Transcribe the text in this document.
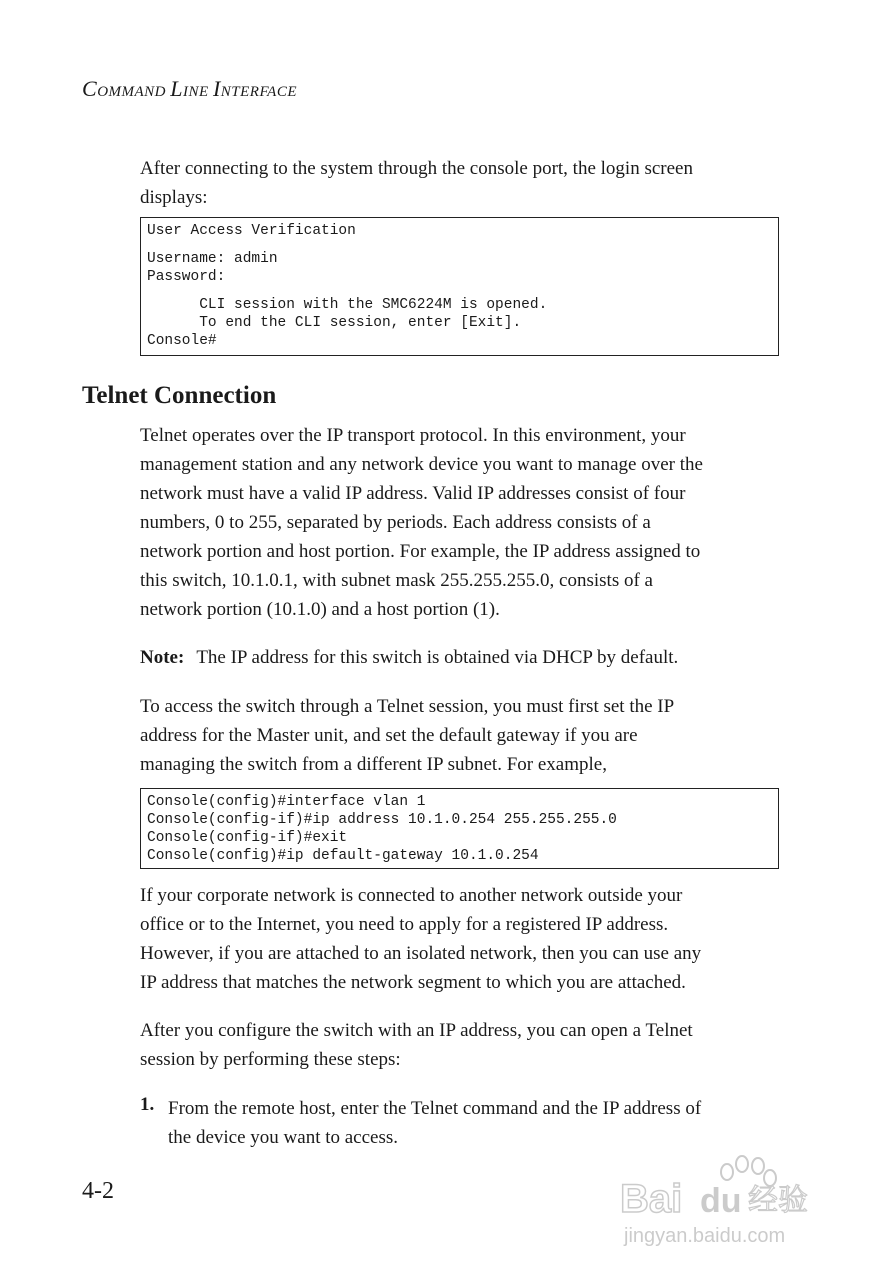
COMMAND LINE INTERFACE

After connecting to the system through the console port, the login screen
displays:

User Access Verification
Username: admin
Password:
CLI session with the SMC6224M is opened.
To end the CLI session, enter [Exit].
Console#
Telnet Connection

Telnet operates over the IP transport protocol. In this environment, your
management station and any network device you want to manage over the
network must have a valid IP address. Valid IP addresses consist of four
numbers, 0 to 255, separated by periods. Each address consists of a
network portion and host portion. For example, the IP address assigned to
this switch, 10.1.0.1, with subnet mask 255.255.255.0, consists of a
network portion (10.1.0) and a host portion (1).

Note: The IP address for this switch is obtained via DHCP by default.

To access the switch through a Telnet session, you must first set the IP
address for the Master unit, and set the default gateway if you are
managing the switch from a different IP subnet. For example,

Console(config)#interface vlan 1
Console(config-if)#ip address 10.1.0.254 255.255.255.0
Console(config-if)#exit
Console(config)#ip default-gateway 10.1.0.254

If your corporate network is connected to another network outside your
office or to the Internet, you need to apply for a registered IP address.
However, if you are attached to an isolated network, then you can use any
IP address that matches the network segment to which you are attached.

After you configure the switch with an IP address, you can open a Telnet
session by performing these steps:

1. From the remote host, enter the Telnet command and the IP address of
the device you want to access.

4-2	Bai du 经验
jingyan.baidu.com
